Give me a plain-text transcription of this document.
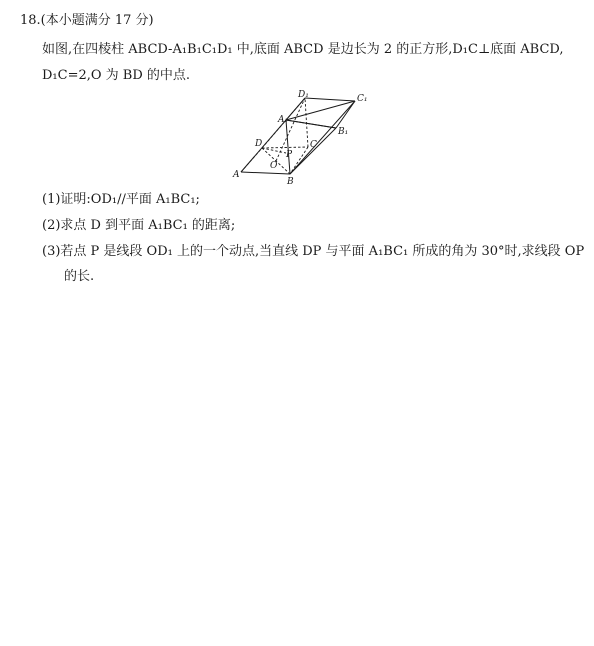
18.(本小题满分 17 分)
如图,在四棱柱 ABCD-A₁B₁C₁D₁ 中,底面 ABCD 是边长为 2 的正方形,D₁C⊥底面 ABCD,
D₁C=2,O 为 BD 的中点.
D₁	C₁
A₁
B₁
D	C
P
O
A
B
(1)证明:OD₁//平面 A₁BC₁;
(2)求点 D 到平面 A₁BC₁ 的距离;
(3)若点 P 是线段 OD₁ 上的一个动点,当直线 DP 与平面 A₁BC₁ 所成的角为 30°时,求线段 OP
的长.
